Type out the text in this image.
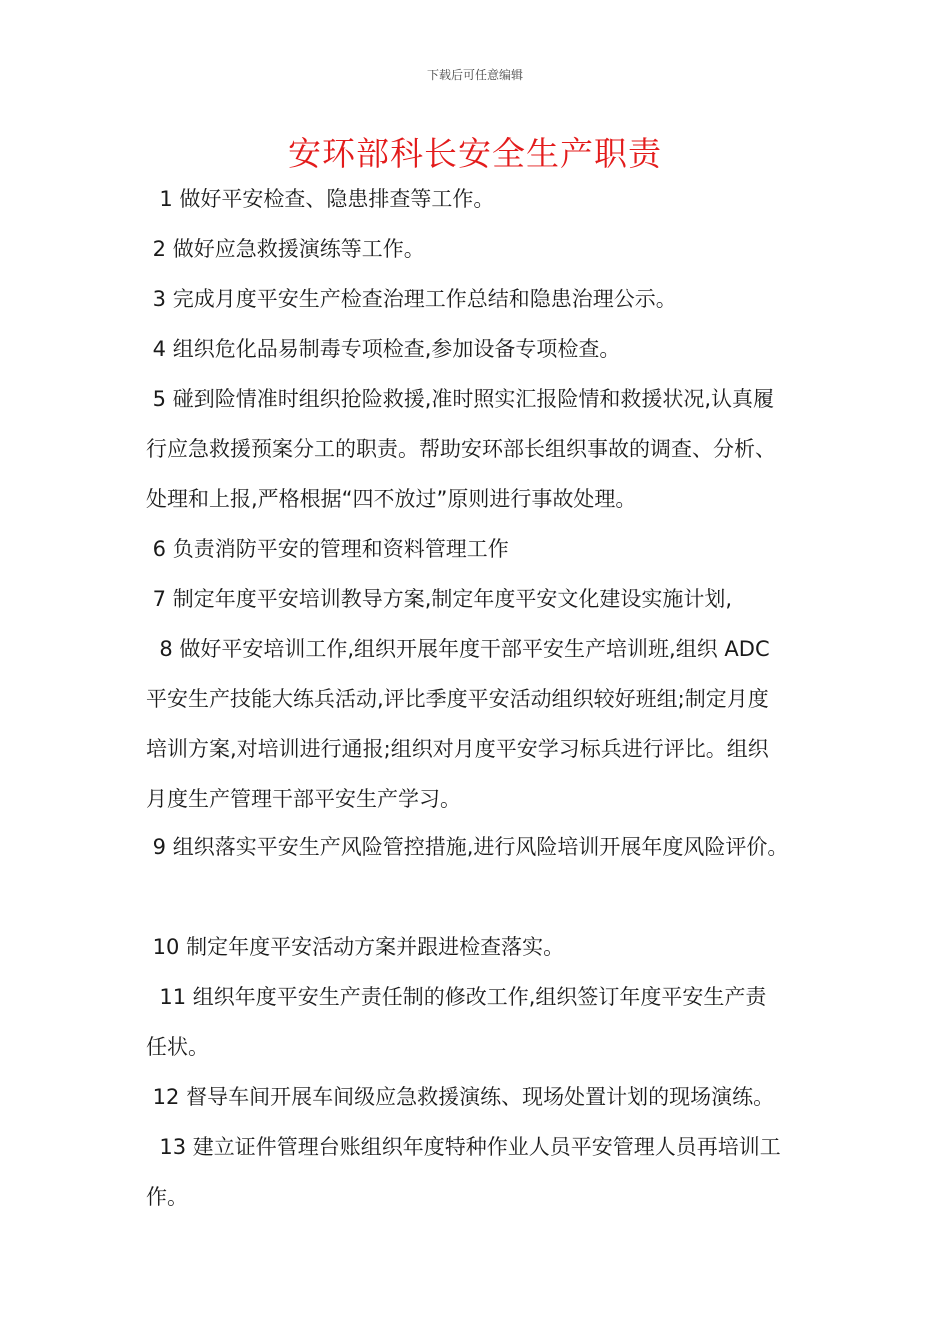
下载后可任意编辑
安环部科长安全生产职责
1 做好平安检查、隐患排查等工作。
2 做好应急救援演练等工作。
3 完成月度平安生产检查治理工作总结和隐患治理公示。
4 组织危化品易制毒专项检查,参加设备专项检查。
5 碰到险情准时组织抢险救援,准时照实汇报险情和救援状况,认真履
行应急救援预案分工的职责。帮助安环部长组织事故的调查、分析、
处理和上报,严格根据“四不放过”原则进行事故处理。
6 负责消防平安的管理和资料管理工作
7 制定年度平安培训教导方案,制定年度平安文化建设实施计划,
8 做好平安培训工作,组织开展年度干部平安生产培训班,组织 ADC
平安生产技能大练兵活动,评比季度平安活动组织较好班组;制定月度
培训方案,对培训进行通报;组织对月度平安学习标兵进行评比。组织
月度生产管理干部平安生产学习。
9 组织落实平安生产风险管控措施,进行风险培训开展年度风险评价。
10 制定年度平安活动方案并跟进检查落实。
11 组织年度平安生产责任制的修改工作,组织签订年度平安生产责
任状。
12 督导车间开展车间级应急救援演练、现场处置计划的现场演练。
13 建立证件管理台账组织年度特种作业人员平安管理人员再培训工
作。
